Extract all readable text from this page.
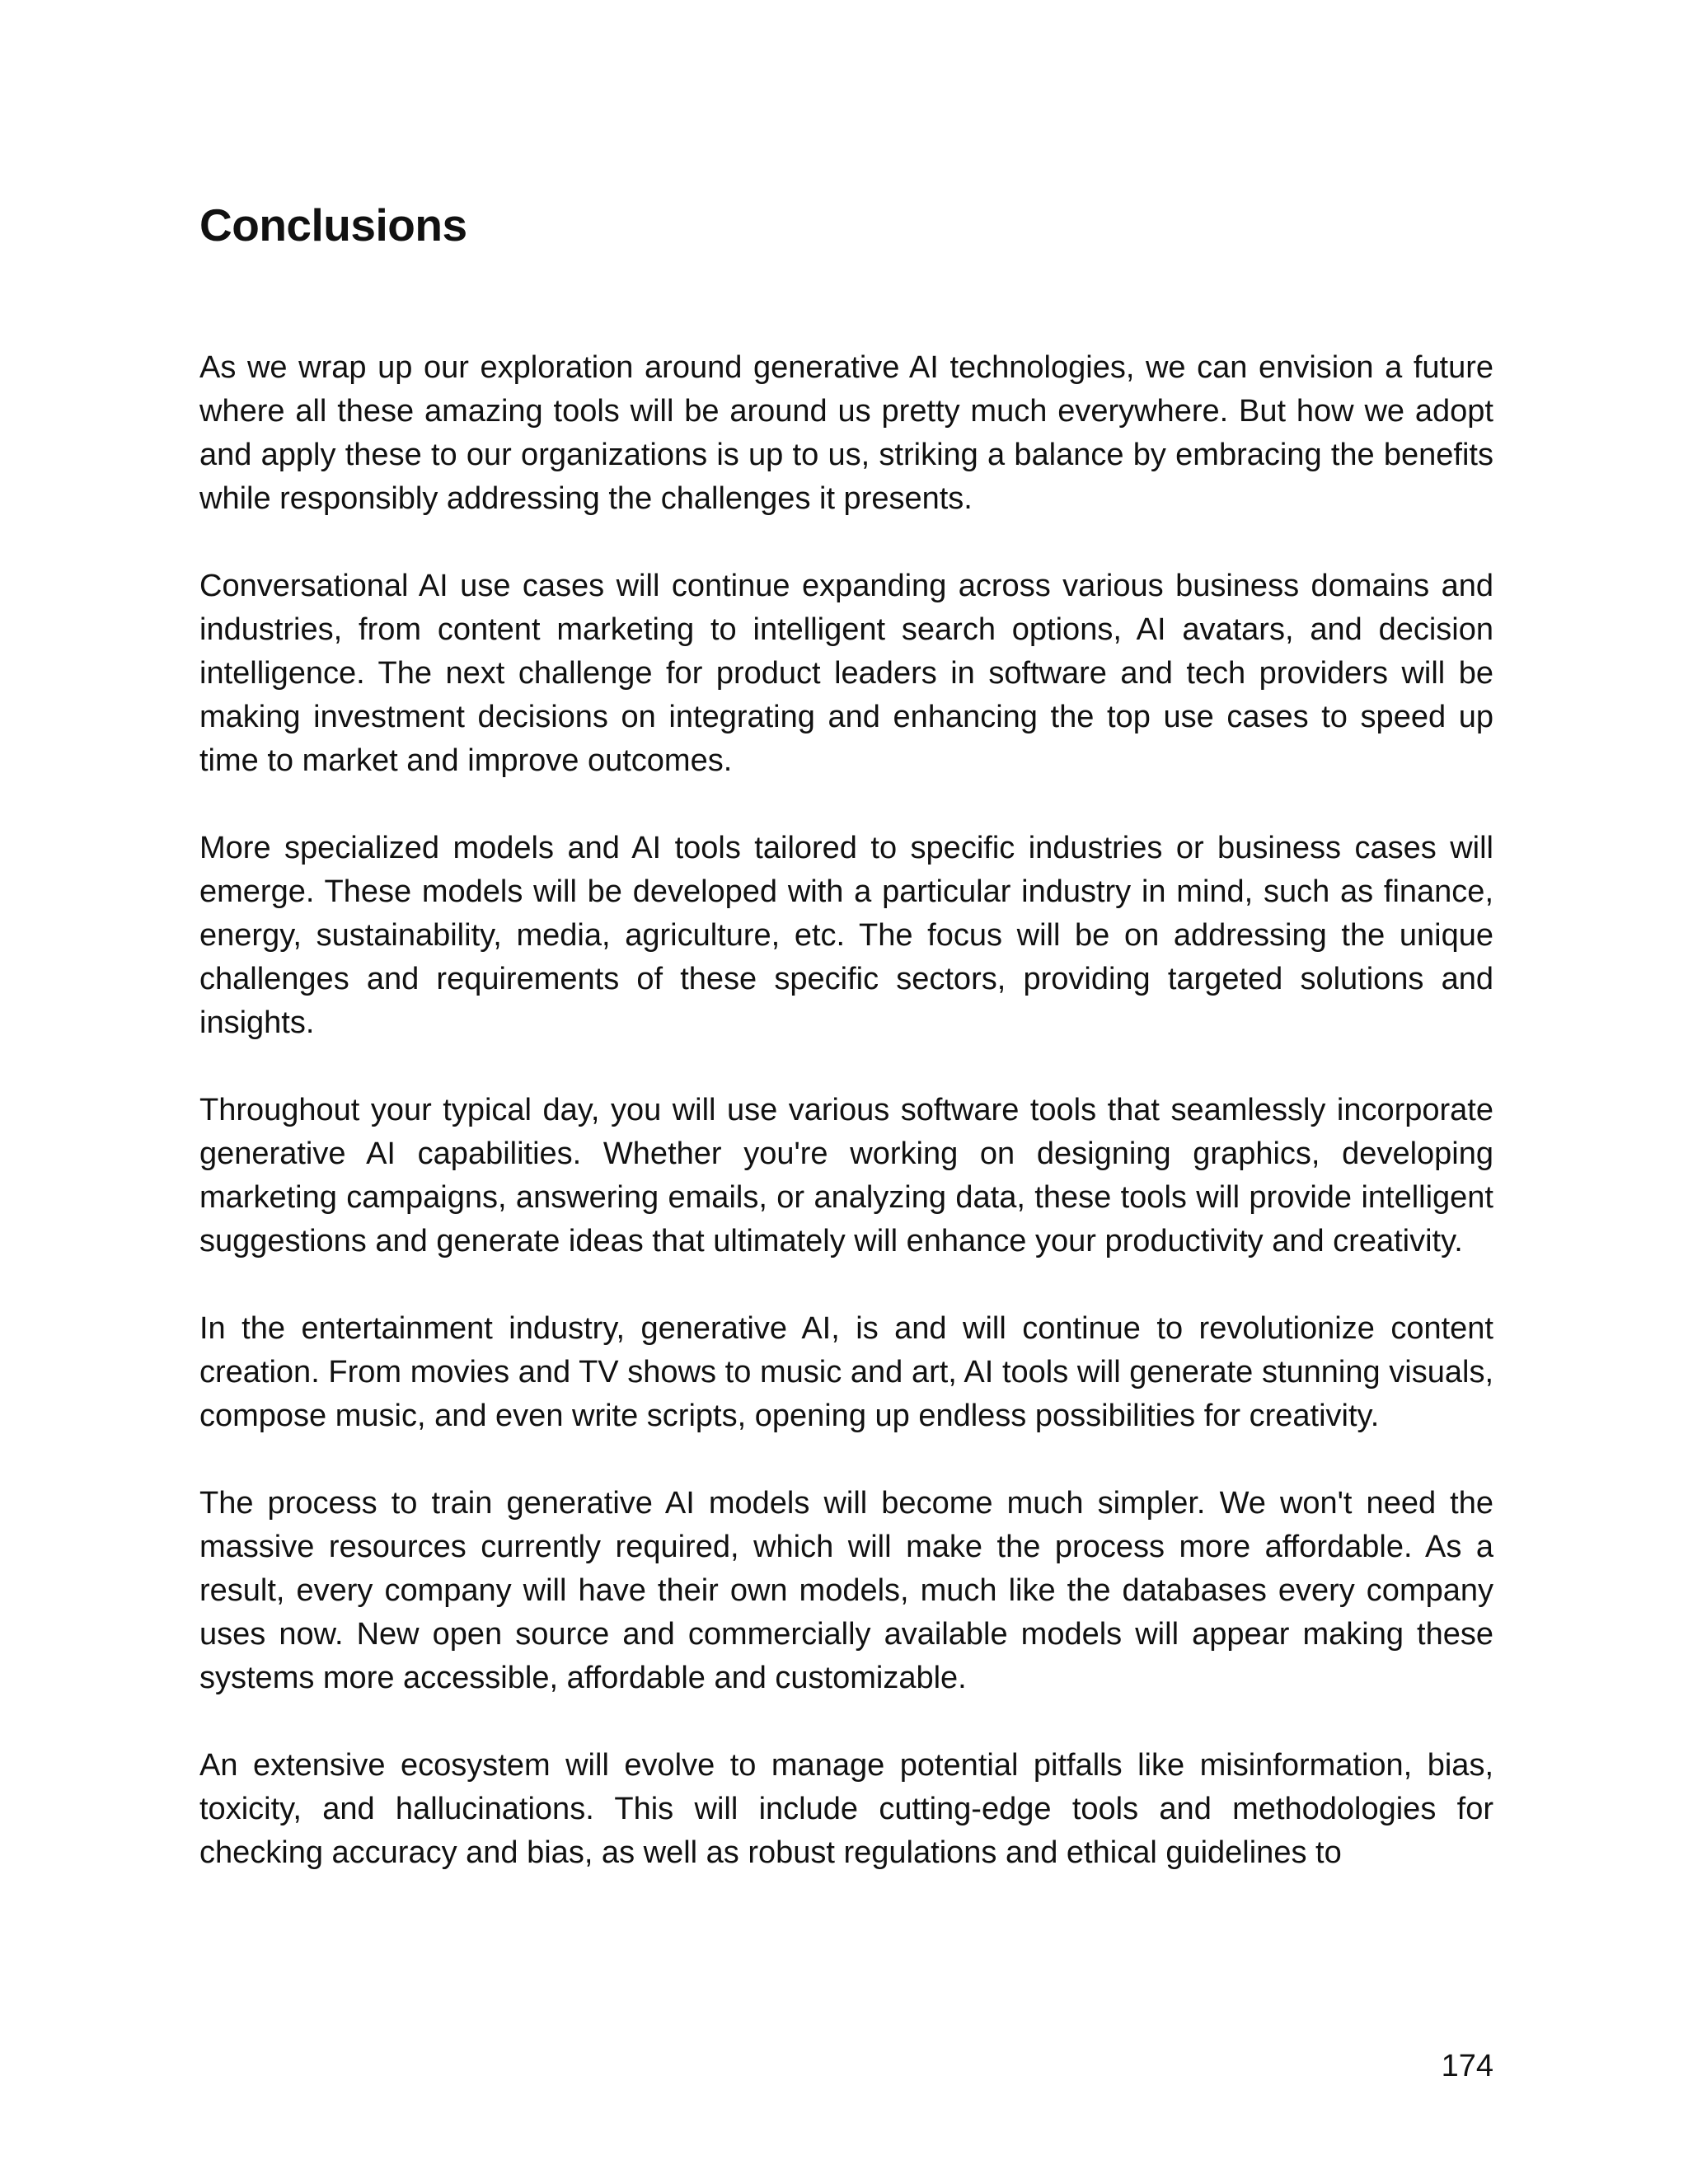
Conclusions

As we wrap up our exploration around generative AI technologies, we can envision a future where all these amazing tools will be around us pretty much everywhere. But how we adopt and apply these to our organizations is up to us, striking a balance by embracing the benefits while responsibly addressing the challenges it presents.

Conversational AI use cases will continue expanding across various business domains and industries, from content marketing to intelligent search options, AI avatars, and decision intelligence. The next challenge for product leaders in software and tech providers will be making investment decisions on integrating and enhancing the top use cases to speed up time to market and improve outcomes.

More specialized models and AI tools tailored to specific industries or business cases will emerge. These models will be developed with a particular industry in mind, such as finance, energy, sustainability, media, agriculture, etc. The focus will be on addressing the unique challenges and requirements of these specific sectors, providing targeted solutions and insights.

Throughout your typical day, you will use various software tools that seamlessly incorporate generative AI capabilities. Whether you're working on designing graphics, developing marketing campaigns, answering emails, or analyzing data, these tools will provide intelligent suggestions and generate ideas that ultimately will enhance your productivity and creativity.

In the entertainment industry, generative AI, is and will continue to revolutionize content creation. From movies and TV shows to music and art, AI tools will generate stunning visuals, compose music, and even write scripts, opening up endless possibilities for creativity.

The process to train generative AI models will become much simpler. We won't need the massive resources currently required, which will make the process more affordable. As a result, every company will have their own models, much like the databases every company uses now. New open source and commercially available models will appear making these systems more accessible, affordable and customizable.

An extensive ecosystem will evolve to manage potential pitfalls like misinformation, bias, toxicity, and hallucinations. This will include cutting-edge tools and methodologies for checking accuracy and bias, as well as robust regulations and ethical guidelines to

174
